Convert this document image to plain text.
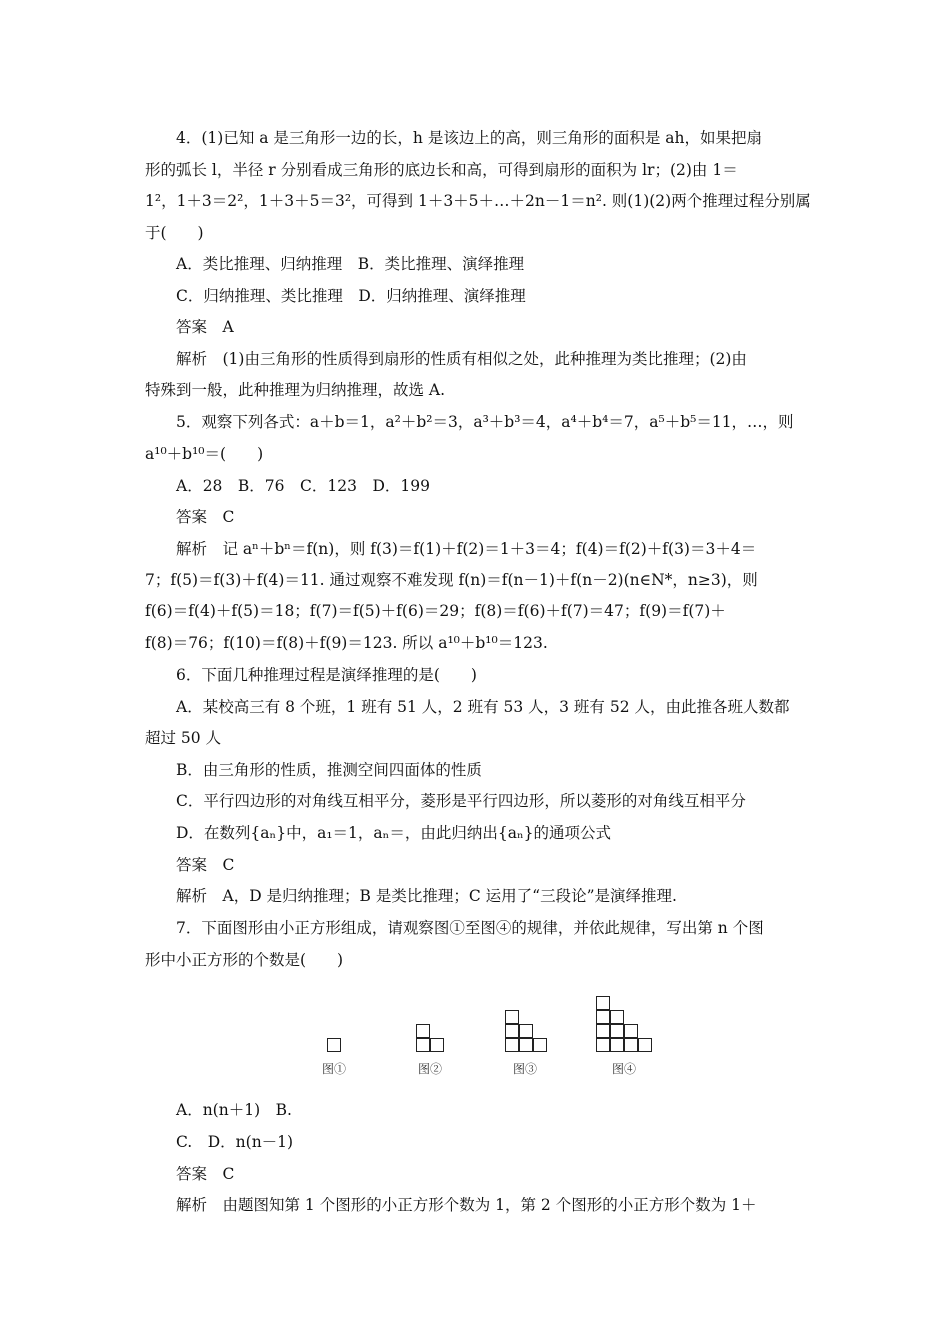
4．(1)已知 a 是三角形一边的长，h 是该边上的高，则三角形的面积是 ah，如果把扇
形的弧长 l，半径 r 分别看成三角形的底边长和高，可得到扇形的面积为 lr；(2)由 1＝
1²，1＋3＝2²，1＋3＋5＝3²，可得到 1＋3＋5＋…＋2n－1＝n². 则(1)(2)两个推理过程分别属
于(　　)
A．类比推理、归纳推理　B．类比推理、演绎推理
C．归纳推理、类比推理　D．归纳推理、演绎推理
答案　A
解析　(1)由三角形的性质得到扇形的性质有相似之处，此种推理为类比推理；(2)由
特殊到一般，此种推理为归纳推理，故选 A.
5．观察下列各式：a＋b＝1，a²＋b²＝3，a³＋b³＝4，a⁴＋b⁴＝7，a⁵＋b⁵＝11，…，则
a¹⁰＋b¹⁰＝(　　)
A．28　B．76　C．123　D．199
答案　C
解析　记 aⁿ＋bⁿ＝f(n)，则 f(3)＝f(1)＋f(2)＝1＋3＝4；f(4)＝f(2)＋f(3)＝3＋4＝
7；f(5)＝f(3)＋f(4)＝11. 通过观察不难发现 f(n)＝f(n－1)＋f(n－2)(n∈N*，n≥3)，则
f(6)＝f(4)＋f(5)＝18；f(7)＝f(5)＋f(6)＝29；f(8)＝f(6)＋f(7)＝47；f(9)＝f(7)＋
f(8)＝76；f(10)＝f(8)＋f(9)＝123. 所以 a¹⁰＋b¹⁰＝123.
6．下面几种推理过程是演绎推理的是(　　)
A．某校高三有 8 个班，1 班有 51 人，2 班有 53 人，3 班有 52 人，由此推各班人数都
超过 50 人
B．由三角形的性质，推测空间四面体的性质
C．平行四边形的对角线互相平分，菱形是平行四边形，所以菱形的对角线互相平分
D．在数列{aₙ}中，a₁＝1，aₙ＝，由此归纳出{aₙ}的通项公式
答案　C
解析　A，D 是归纳推理；B 是类比推理；C 运用了“三段论”是演绎推理.
7．下面图形由小正方形组成，请观察图①至图④的规律，并依此规律，写出第 n 个图
形中小正方形的个数是(　　)
图①	图②	图③	图④
A．n(n＋1)　B.
C.　D．n(n－1)
答案　C
解析　由题图知第 1 个图形的小正方形个数为 1，第 2 个图形的小正方形个数为 1＋
